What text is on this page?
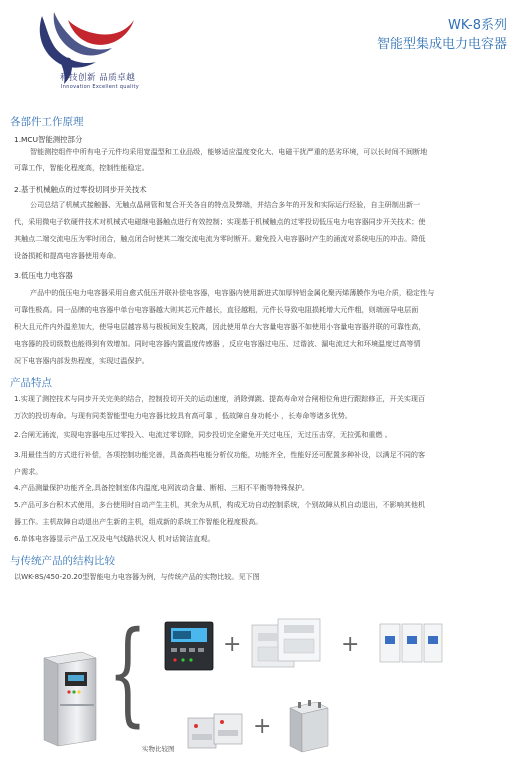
科技创新 品质卓越
Innovation Excellent quality
WK-8系列
智能型集成电力电容器
各部件工作原理
1.MCU智能测控部分
智能测控组件中所有电子元件均采用宽温型和工业品级，能够适应温度变化大、电磁干扰严重的恶劣环境，可以长时间不间断地
可靠工作，智能化程度高，控制性能稳定。
2.基于机械触点的过零投切同步开关技术
公司总结了机械式接触器、无触点晶闸管和复合开关各自的特点及弊端，并结合多年的开发和实际运行经验，自主研制出新一
代，采用微电子软硬件技术对机械式电磁继电器触点进行有效控制；实现基于机械触点的过零投切低压电力电容器同步开关技术；使
其触点二端交流电压为零时闭合，触点闭合时使其二端交流电流为零时断开。避免投入电容器时产生的涌流对系统电压的冲击。降低
设备损耗和提高电容器使用寿命。
3.低压电力电容器
产品中的低压电力电容器采用自愈式低压并联补偿电容器，电容器内使用新进式加厚锌铝金属化聚丙烯薄膜作为电介质，稳定性与
可靠性极高。同一品牌的电容器中单台电容器越大则其芯元件越长，直径越粗，元件长导致电阻损耗增大元件粗，则端面导电层面
积大且元件内外温差加大，使导电层越容易与极板间发生脱离，因此使用单台大容量电容器不如使用小容量电容器并联的可靠性高，
电容器的投切级数也能得到有效增加。同时电容器内置温度传感器 ，反应电容器过电压、过谐波、漏电流过大和环境温度过高等情
况下电容器内部发热程度，实现过温保护。
产品特点
1.实现了测控技术与同步开关完美的结合，控制投切开关的运动速度，消除弹跳、提高寿命对合闸相位角进行跟踪修正，开关实现百
万次的投切寿命。与现有同类智能型电力电容器比较具有高可靠 ，低故障自身功耗小 ，长寿命等诸多优势。
2.合闸无涌流，实现电容器电压过零投入、电流过零切除，同步投切完全避免开关过电压，无过压击穿，无拉弧和重燃 。
3.用最佳当的方式进行补偿，各项控制功能完善，具备高档电能分析仪功能，功能齐全，性能好还可配置多种补设，以满足不同的客
户需求。
4.产品测量保护功能齐全,具备控制室体内温度,电网波动含量、断相、三相不平衡等特殊保护。
5.产品可多台积木式使用，多台使用时自动产生主机，其余为从机，构成无功自动控制系统，个别故障从机自动退出，不影响其他机
器工作。主机故障自动退出产生新的主机，组成新的系统工作智能化程度极高。
6.单体电容器显示产品工况及电气线路状况人 机对话简洁直观。
与传统产品的结构比较
以WK-8S/450-20.20型智能电力电容器为例，与传统产品的实物比较。见下图
{	+	+
+
实物比较图
